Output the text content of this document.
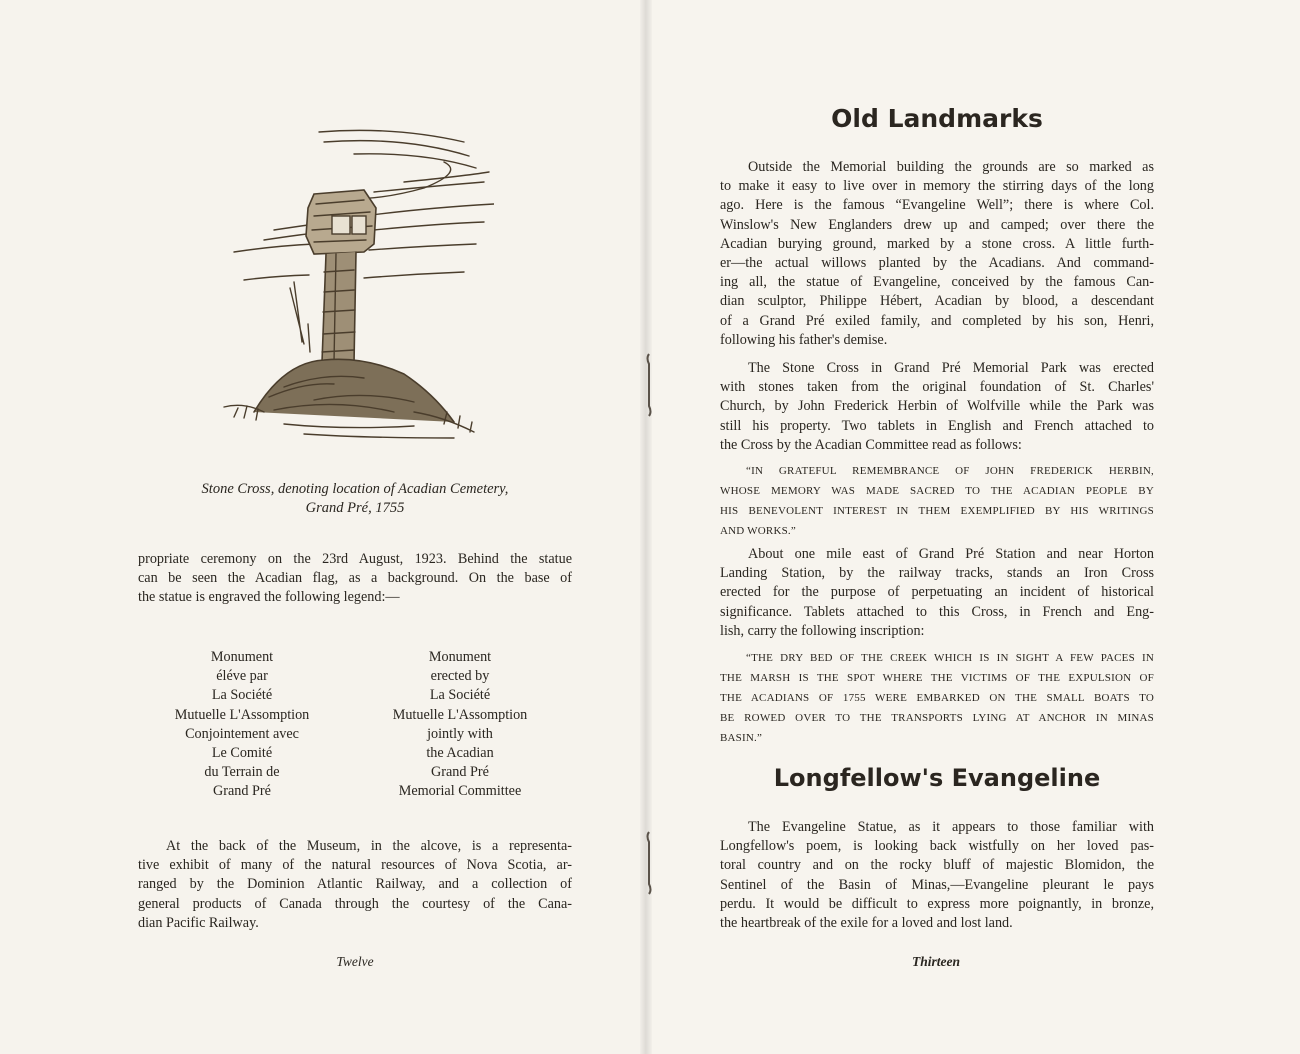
Stone Cross, denoting location of Acadian Cemetery,
Grand Pré, 1755
propriate ceremony on the 23rd August, 1923. Behind the statue
can be seen the Acadian flag, as a background. On the base of
the statue is engraved the following legend:—
Monument
éléve par
La Société
Mutuelle L'Assomption
Conjointement avec
Le Comité
du Terrain de
Grand Pré
Monument
erected by
La Société
Mutuelle L'Assomption
jointly with
the Acadian
Grand Pré
Memorial Committee
At the back of the Museum, in the alcove, is a representa-
tive exhibit of many of the natural resources of Nova Scotia, ar-
ranged by the Dominion Atlantic Railway, and a collection of
general products of Canada through the courtesy of the Cana-
dian Pacific Railway.
Twelve
Old Landmarks
Outside the Memorial building the grounds are so marked as
to make it easy to live over in memory the stirring days of the long
ago. Here is the famous “Evangeline Well”; there is where Col.
Winslow's New Englanders drew up and camped; over there the
Acadian burying ground, marked by a stone cross. A little furth-
er—the actual willows planted by the Acadians. And command-
ing all, the statue of Evangeline, conceived by the famous Can-
dian sculptor, Philippe Hébert, Acadian by blood, a descendant
of a Grand Pré exiled family, and completed by his son, Henri,
following his father's demise.
The Stone Cross in Grand Pré Memorial Park was erected
with stones taken from the original foundation of St. Charles'
Church, by John Frederick Herbin of Wolfville while the Park was
still his property. Two tablets in English and French attached to
the Cross by the Acadian Committee read as follows:
“IN GRATEFUL REMEMBRANCE OF JOHN FREDERICK HERBIN,
WHOSE MEMORY WAS MADE SACRED TO THE ACADIAN PEOPLE BY
HIS BENEVOLENT INTEREST IN THEM EXEMPLIFIED BY HIS WRITINGS
AND WORKS.”
About one mile east of Grand Pré Station and near Horton
Landing Station, by the railway tracks, stands an Iron Cross
erected for the purpose of perpetuating an incident of historical
significance. Tablets attached to this Cross, in French and Eng-
lish, carry the following inscription:
“THE DRY BED OF THE CREEK WHICH IS IN SIGHT A FEW PACES IN
THE MARSH IS THE SPOT WHERE THE VICTIMS OF THE EXPULSION OF
THE ACADIANS OF 1755 WERE EMBARKED ON THE SMALL BOATS TO
BE ROWED OVER TO THE TRANSPORTS LYING AT ANCHOR IN MINAS
BASIN.”
Longfellow's Evangeline
The Evangeline Statue, as it appears to those familiar with
Longfellow's poem, is looking back wistfully on her loved pas-
toral country and on the rocky bluff of majestic Blomidon, the
Sentinel of the Basin of Minas,—Evangeline pleurant le pays
perdu. It would be difficult to express more poignantly, in bronze,
the heartbreak of the exile for a loved and lost land.
Thirteen
